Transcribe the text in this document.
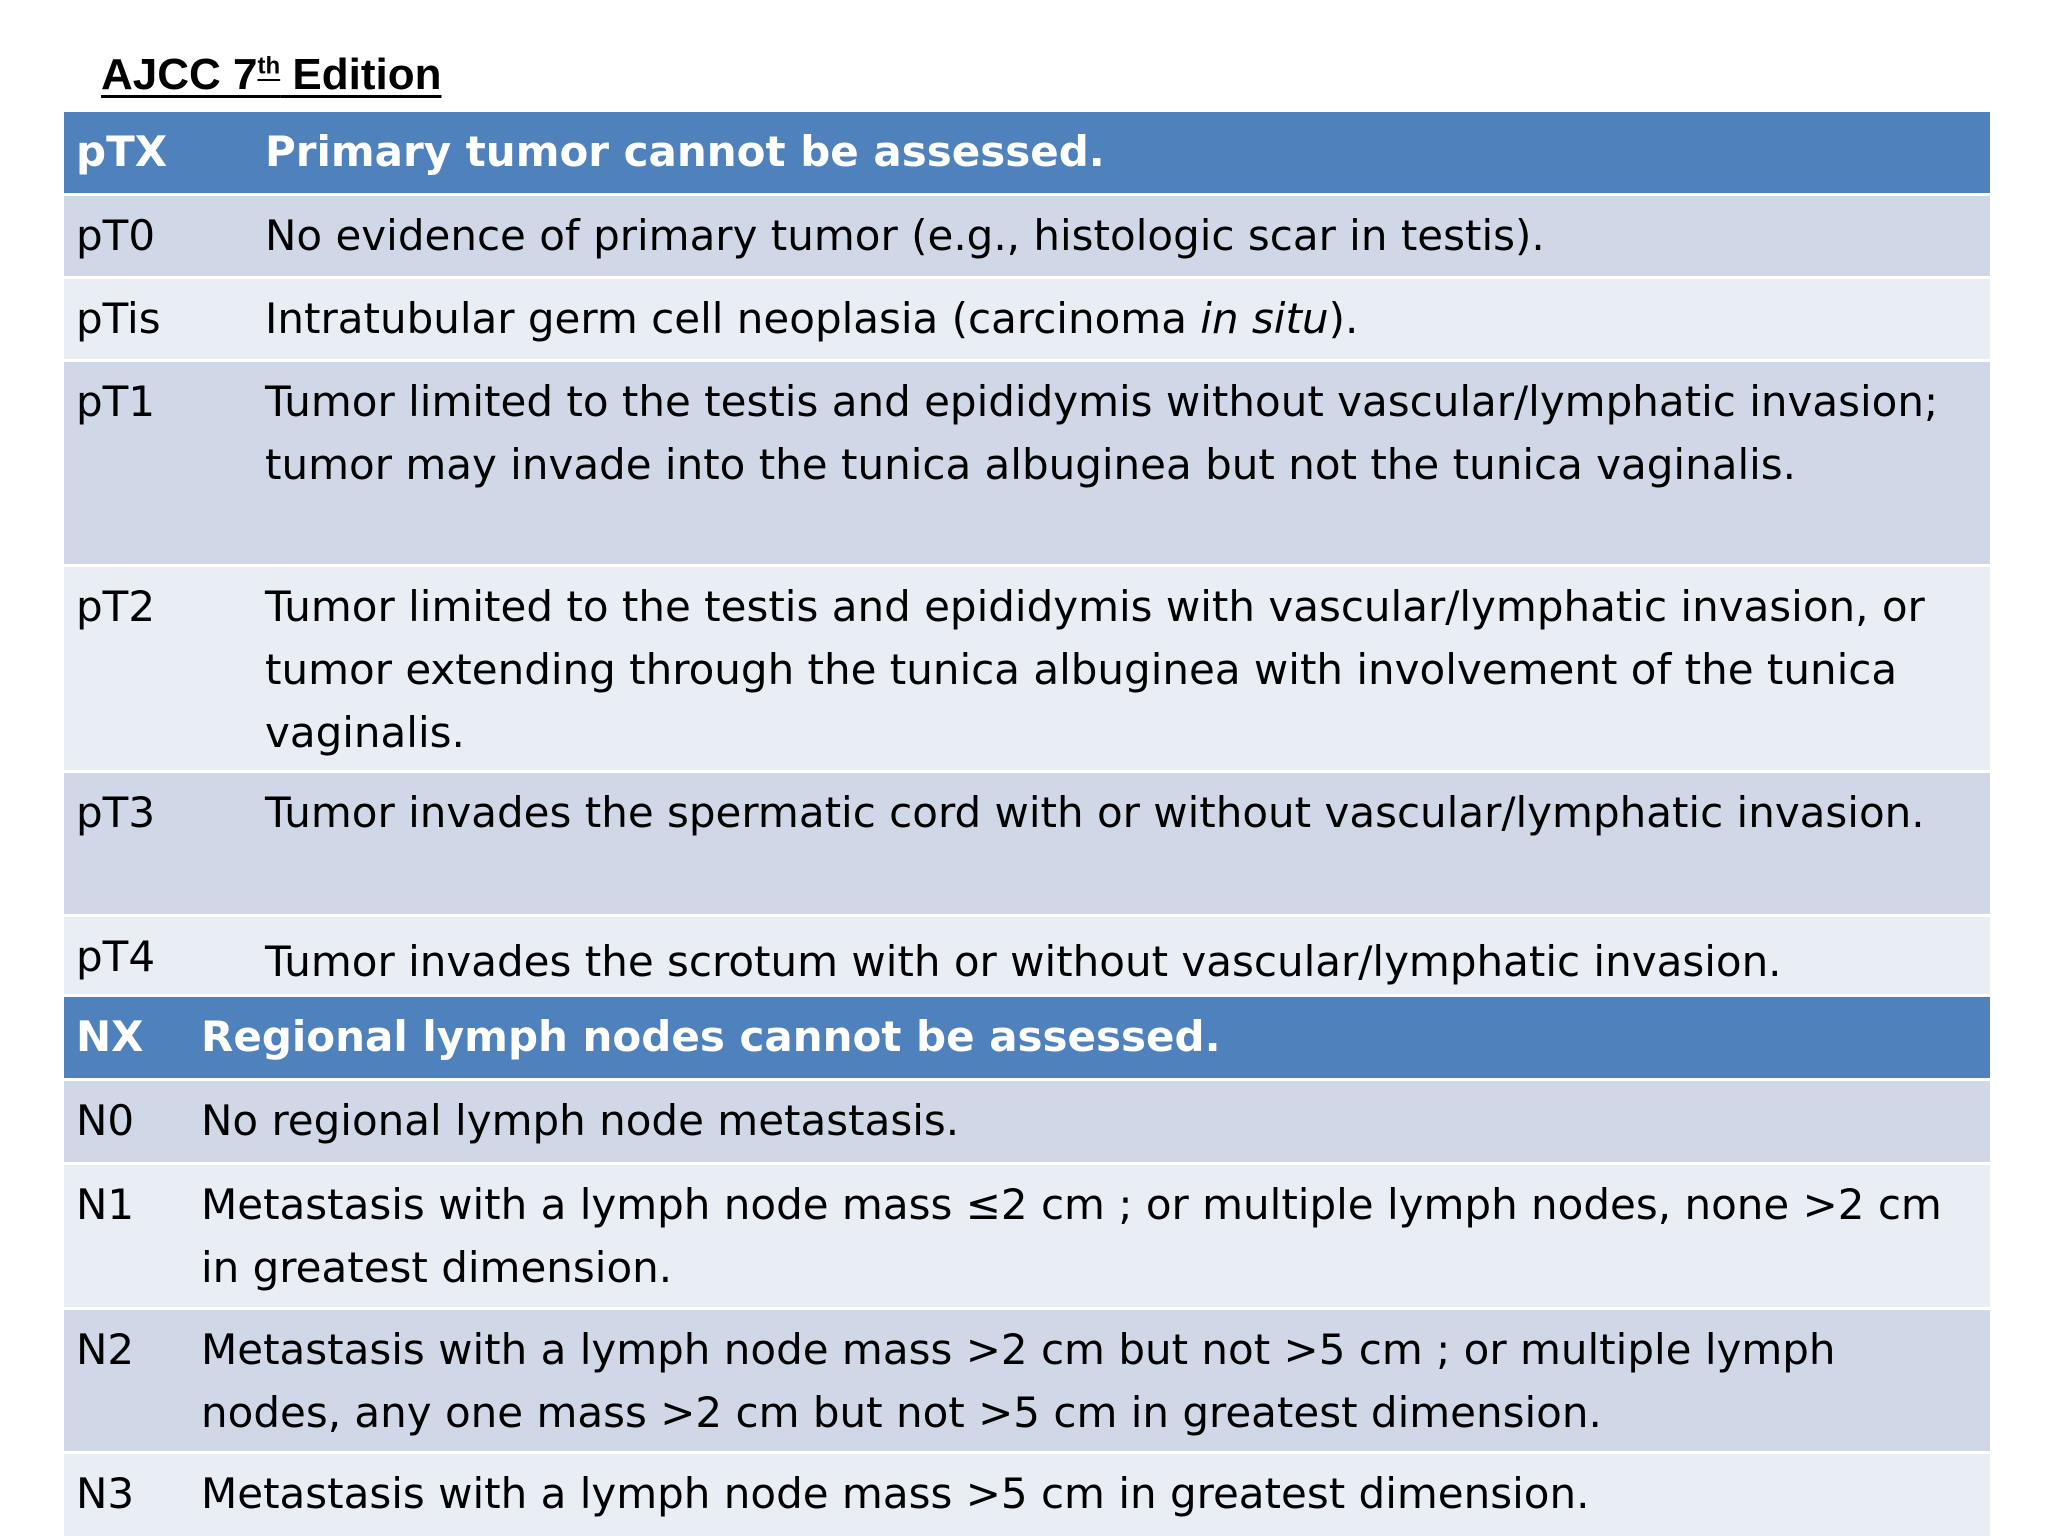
AJCC 7th Edition
pTX Primary tumor cannot be assessed.
pT0	No evidence of primary tumor (e.g., histologic scar in testis).
pTis Intratubular germ cell neoplasia (carcinoma in situ).
pT1	Tumor limited to the testis and epididymis without vascular/lymphatic invasion; tumor may invade into the tunica albuginea but not the tunica vaginalis.
pT2	Tumor limited to the testis and epididymis with vascular/lymphatic invasion, or tumor extending through the tunica albuginea with involvement of the tunica vaginalis.
pT3	Tumor invades the spermatic cord with or without vascular/lymphatic invasion.
pT4	Tumor invades the scrotum with or without vascular/lymphatic invasion.
NX Regional lymph nodes cannot be assessed.
N0 No regional lymph node metastasis.
N1 Metastasis with a lymph node mass ≤2 cm ; or multiple lymph nodes, none >2 cm in greatest dimension.
N2 Metastasis with a lymph node mass >2 cm but not >5 cm ; or multiple lymph nodes, any one mass >2 cm but not >5 cm in greatest dimension.
N3 Metastasis with a lymph node mass >5 cm in greatest dimension.
